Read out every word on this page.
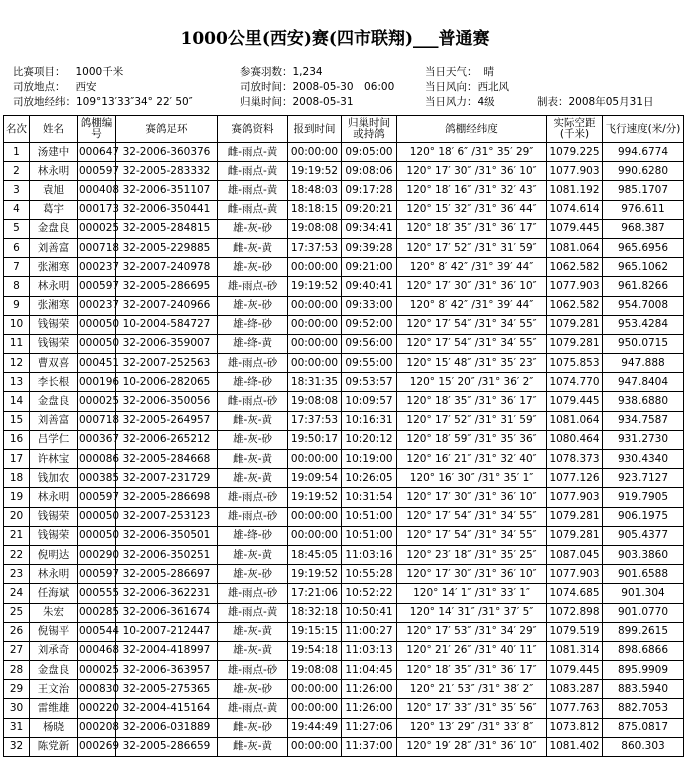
1000公里(西安)赛(四市联翔)___普通赛
比赛项目： 1000千米
司放地点： 西安
司放地经纬：109°13′33″34° 22′ 50″
参赛羽数：1,234
司放时间：2008-05-30　06:00
归巢时间：2008-05-31
当日天气： 晴
当日风向：西北风
当日风力：4级	制表：2008年05月31日
名次	姓名	鸽棚编号	赛鸽足环	赛鸽资料	报到时间	归巢时间或持鸽	鸽棚经纬度	实际空距(千米)	飞行速度(米/分)
1	汤建中	000647	32-2006-360376	雌-雨点-黄	00:00:00	09:05:00	120° 18′ 6″ /31° 35′ 29″	1079.225	994.6774
2	林永明	000597	32-2005-283332	雌-雨点-黄	19:19:52	09:08:06	120° 17′ 30″ /31° 36′ 10″	1077.903	990.6280
3	袁旭	000408	32-2006-351107	雄-雨点-黄	18:48:03	09:17:28	120° 18′ 16″ /31° 32′ 43″	1081.192	985.1707
4	葛宇	000173	32-2006-350441	雌-雨点-黄	18:18:15	09:20:21	120° 15′ 32″ /31° 36′ 44″	1074.614	976.611
5	金盘良	000025	32-2005-284815	雄-灰-砂	19:08:08	09:34:41	120° 18′ 35″ /31° 36′ 17″	1079.445	968.387
6	刘善富	000718	32-2005-229885	雌-灰-黄	17:37:53	09:39:28	120° 17′ 52″ /31° 31′ 59″	1081.064	965.6956
7	张湘寒	000237	32-2007-240978	雄-灰-砂	00:00:00	09:21:00	120° 8′ 42″ /31° 39′ 44″	1062.582	965.1062
8	林永明	000597	32-2005-286695	雄-雨点-砂	19:19:52	09:40:41	120° 17′ 30″ /31° 36′ 10″	1077.903	961.8266
9	张湘寒	000237	32-2007-240966	雄-灰-砂	00:00:00	09:33:00	120° 8′ 42″ /31° 39′ 44″	1062.582	954.7008
10	钱锡荣	000050	10-2004-584727	雄-绛-砂	00:00:00	09:52:00	120° 17′ 54″ /31° 34′ 55″	1079.281	953.4284
11	钱锡荣	000050	32-2006-359007	雄-绛-黄	00:00:00	09:56:00	120° 17′ 54″ /31° 34′ 55″	1079.281	950.0715
12	曹双喜	000451	32-2007-252563	雄-雨点-砂	00:00:00	09:55:00	120° 15′ 48″ /31° 35′ 23″	1075.853	947.888
13	李长根	000196	10-2006-282065	雄-绛-砂	18:31:35	09:53:57	120° 15′ 20″ /31° 36′ 2″	1074.770	947.8404
14	金盘良	000025	32-2006-350056	雌-雨点-砂	19:08:08	10:09:57	120° 18′ 35″ /31° 36′ 17″	1079.445	938.6880
15	刘善富	000718	32-2005-264957	雌-灰-黄	17:37:53	10:16:31	120° 17′ 52″ /31° 31′ 59″	1081.064	934.7587
16	吕学仁	000367	32-2006-265212	雄-灰-砂	19:50:17	10:20:12	120° 18′ 59″ /31° 35′ 36″	1080.464	931.2730
17	许林宝	000086	32-2005-284668	雌-灰-黄	00:00:00	10:19:00	120° 16′ 21″ /31° 32′ 40″	1078.373	930.4340
18	钱加农	000385	32-2007-231729	雄-灰-黄	19:09:54	10:26:05	120° 16′ 30″ /31° 35′ 1″	1077.126	923.7127
19	林永明	000597	32-2005-286698	雄-雨点-砂	19:19:52	10:31:54	120° 17′ 30″ /31° 36′ 10″	1077.903	919.7905
20	钱锡荣	000050	32-2007-253123	雄-雨点-砂	00:00:00	10:51:00	120° 17′ 54″ /31° 34′ 55″	1079.281	906.1975
21	钱锡荣	000050	32-2006-350501	雄-绛-砂	00:00:00	10:51:00	120° 17′ 54″ /31° 34′ 55″	1079.281	905.4377
22	倪明达	000290	32-2006-350251	雄-灰-黄	18:45:05	11:03:16	120° 23′ 18″ /31° 35′ 25″	1087.045	903.3860
23	林永明	000597	32-2005-286697	雄-灰-砂	19:19:52	10:55:28	120° 17′ 30″ /31° 36′ 10″	1077.903	901.6588
24	任海斌	000555	32-2006-362231	雄-雨点-砂	17:21:06	10:52:22	120° 14′ 1″ /31° 33′ 1″	1074.685	901.304
25	朱宏	000285	32-2006-361674	雄-雨点-黄	18:32:18	10:50:41	120° 14′ 31″ /31° 37′ 5″	1072.898	901.0770
26	倪锡平	000544	10-2007-212447	雄-灰-黄	19:15:15	11:00:27	120° 17′ 53″ /31° 34′ 29″	1079.519	899.2615
27	刘承奇	000468	32-2004-418997	雄-灰-黄	19:54:18	11:03:13	120° 21′ 26″ /31° 40′ 11″	1081.314	898.6866
28	金盘良	000025	32-2006-363957	雄-雨点-砂	19:08:08	11:04:45	120° 18′ 35″ /31° 36′ 17″	1079.445	895.9909
29	王文治	000830	32-2005-275365	雄-灰-砂	00:00:00	11:26:00	120° 21′ 53″ /31° 38′ 2″	1083.287	883.5940
30	雷维雄	000220	32-2004-415164	雄-雨点-黄	00:00:00	11:26:00	120° 17′ 33″ /31° 35′ 56″	1077.763	882.7053
31	杨晓	000208	32-2006-031889	雌-灰-砂	19:44:49	11:27:06	120° 13′ 29″ /31° 33′ 8″	1073.812	875.0817
32	陈党新	000269	32-2005-286659	雌-灰-黄	00:00:00	11:37:00	120° 19′ 28″ /31° 36′ 10″	1081.402	860.303
